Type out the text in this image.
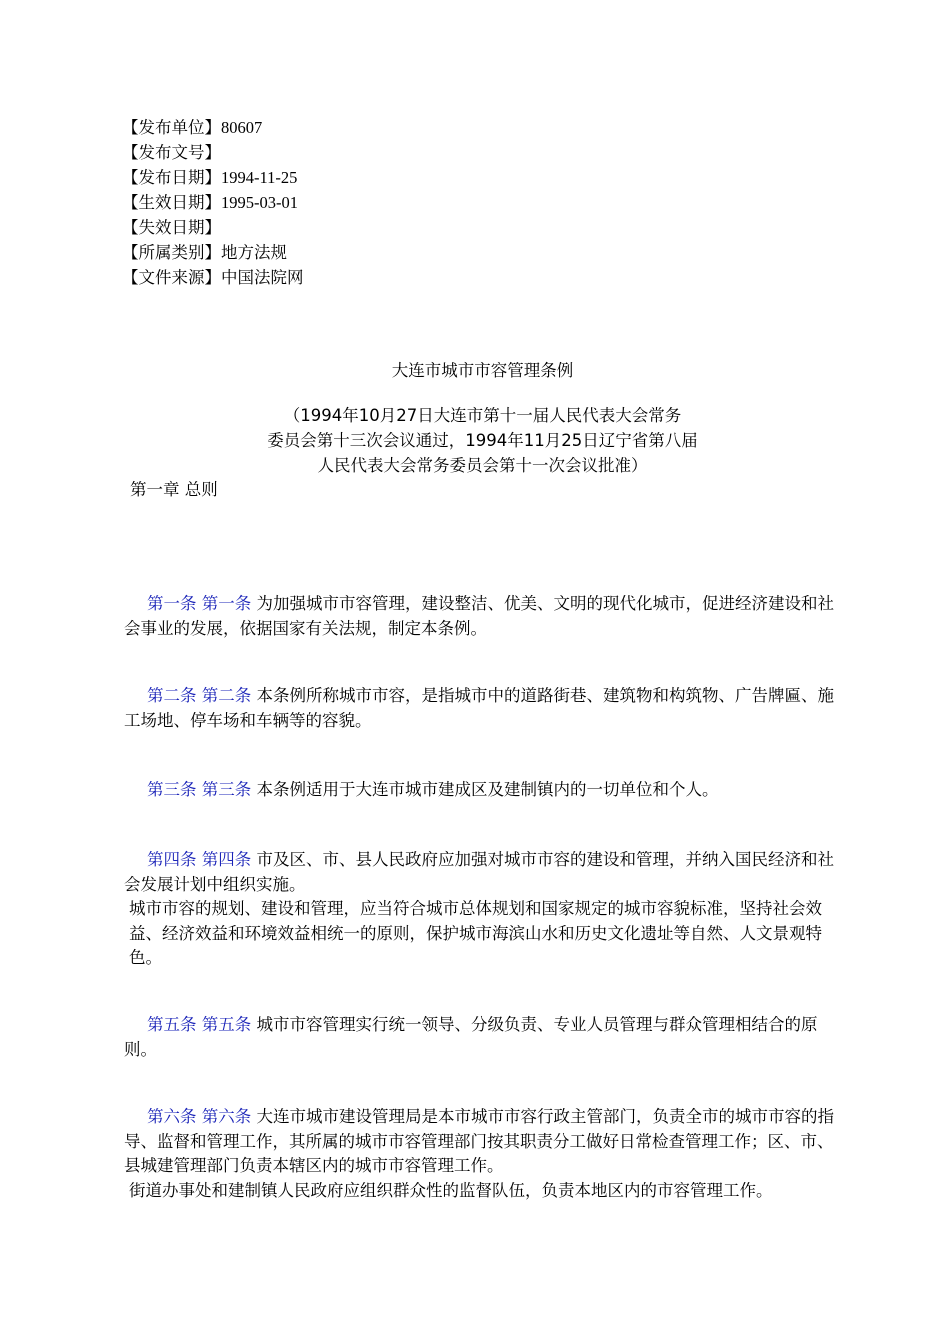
【发布单位】80607
【发布文号】
【发布日期】1994-11-25
【生效日期】1995-03-01
【失效日期】
【所属类别】地方法规
【文件来源】中国法院网
大连市城市市容管理条例
（1994年10月27日大连市第十一届人民代表大会常务
委员会第十三次会议通过，1994年11月25日辽宁省第八届
人民代表大会常务委员会第十一次会议批准）
第一章 总则

第一条 第一条 为加强城市市容管理，建设整洁、优美、文明的现代化城市，促进经济建设和社会事业的发展，依据国家有关法规，制定本条例。

第二条 第二条 本条例所称城市市容，是指城市中的道路街巷、建筑物和构筑物、广告牌匾、施工场地、停车场和车辆等的容貌。

第三条 第三条 本条例适用于大连市城市建成区及建制镇内的一切单位和个人。

第四条 第四条 市及区、市、县人民政府应加强对城市市容的建设和管理，并纳入国民经济和社会发展计划中组织实施。

城市市容的规划、建设和管理，应当符合城市总体规划和国家规定的城市容貌标准，坚持社会效益、经济效益和环境效益相统一的原则，保护城市海滨山水和历史文化遗址等自然、人文景观特色。

第五条 第五条 城市市容管理实行统一领导、分级负责、专业人员管理与群众管理相结合的原则。

第六条 第六条 大连市城市建设管理局是本市城市市容行政主管部门，负责全市的城市市容的指导、监督和管理工作，其所属的城市市容管理部门按其职责分工做好日常检查管理工作；区、市、县城建管理部门负责本辖区内的城市市容管理工作。

街道办事处和建制镇人民政府应组织群众性的监督队伍，负责本地区内的市容管理工作。
